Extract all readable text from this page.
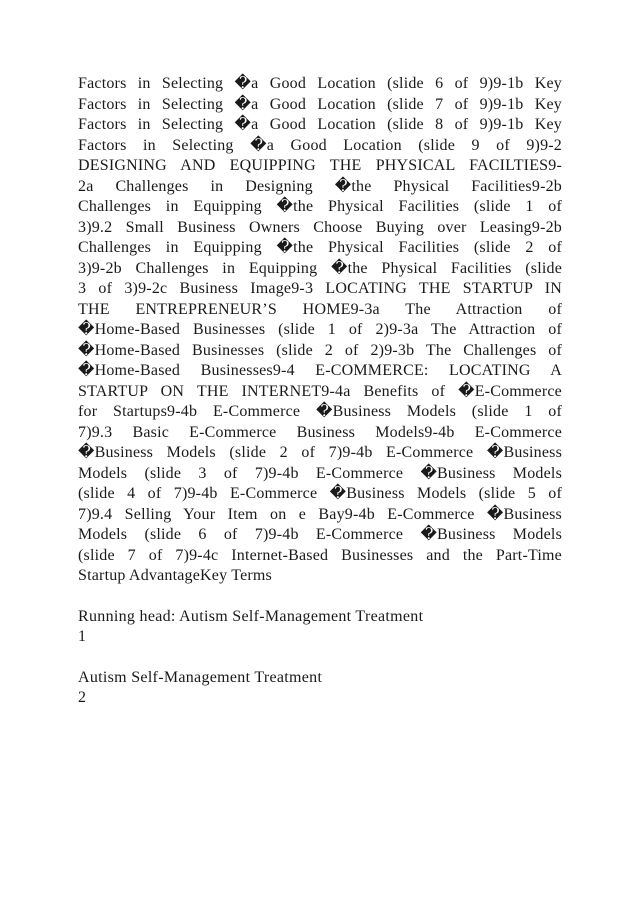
Factors in Selecting �a Good Location (slide 6 of 9)9-1b Key
Factors in Selecting �a Good Location (slide 7 of 9)9-1b Key
Factors in Selecting �a Good Location (slide 8 of 9)9-1b Key
Factors in Selecting �a Good Location (slide 9 of 9)9-2
DESIGNING AND EQUIPPING THE PHYSICAL FACILTIES9-
2a Challenges in Designing �the Physical Facilities9-2b
Challenges in Equipping �the Physical Facilities (slide 1 of
3)9.2 Small Business Owners Choose Buying over Leasing9-2b
Challenges in Equipping �the Physical Facilities (slide 2 of
3)9-2b Challenges in Equipping �the Physical Facilities (slide
3 of 3)9-2c Business Image9-3 LOCATING THE STARTUP IN
THE ENTREPRENEUR’S HOME9-3a The Attraction of
�Home-Based Businesses (slide 1 of 2)9-3a The Attraction of
�Home-Based Businesses (slide 2 of 2)9-3b The Challenges of
�Home-Based Businesses9-4 E-COMMERCE: LOCATING A
STARTUP ON THE INTERNET9-4a Benefits of �E-Commerce
for Startups9-4b E-Commerce �Business Models (slide 1 of
7)9.3 Basic E-Commerce Business Models9-4b E-Commerce
�Business Models (slide 2 of 7)9-4b E-Commerce �Business
Models (slide 3 of 7)9-4b E-Commerce �Business Models
(slide 4 of 7)9-4b E-Commerce �Business Models (slide 5 of
7)9.4 Selling Your Item on e Bay9-4b E-Commerce �Business
Models (slide 6 of 7)9-4b E-Commerce �Business Models
(slide 7 of 7)9-4c Internet-Based Businesses and the Part-Time
Startup AdvantageKey Terms
Running head: Autism Self-Management Treatment
1
Autism Self-Management Treatment
2
